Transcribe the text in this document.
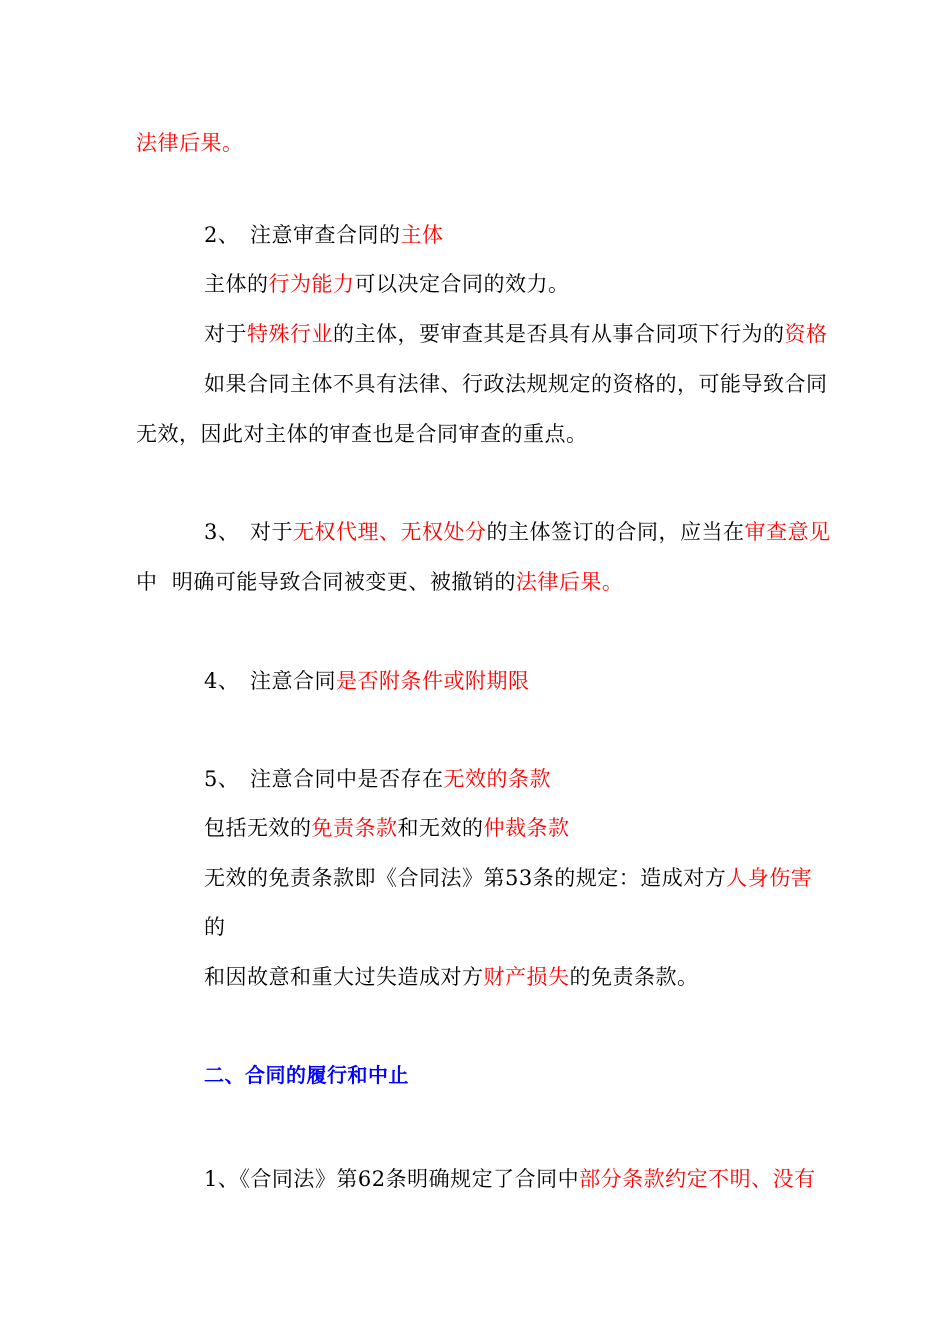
法律后果。
2、 注意审查合同的主体
主体的行为能力可以决定合同的效力。
对于特殊行业的主体，要审查其是否具有从事合同项下行为的资格
如果合同主体不具有法律、行政法规规定的资格的，可能导致合同
无效，因此对主体的审查也是合同审查的重点。
3、 对于无权代理、无权处分的主体签订的合同，应当在审查意见
中  明确可能导致合同被变更、被撤销的法律后果。
4、 注意合同是否附条件或附期限
5、 注意合同中是否存在无效的条款
包括无效的免责条款和无效的仲裁条款
无效的免责条款即《合同法》第53条的规定：造成对方人身伤害
的
和因故意和重大过失造成对方财产损失的免责条款。
二、合同的履行和中止
1、《合同法》第62条明确规定了合同中部分条款约定不明、没有
